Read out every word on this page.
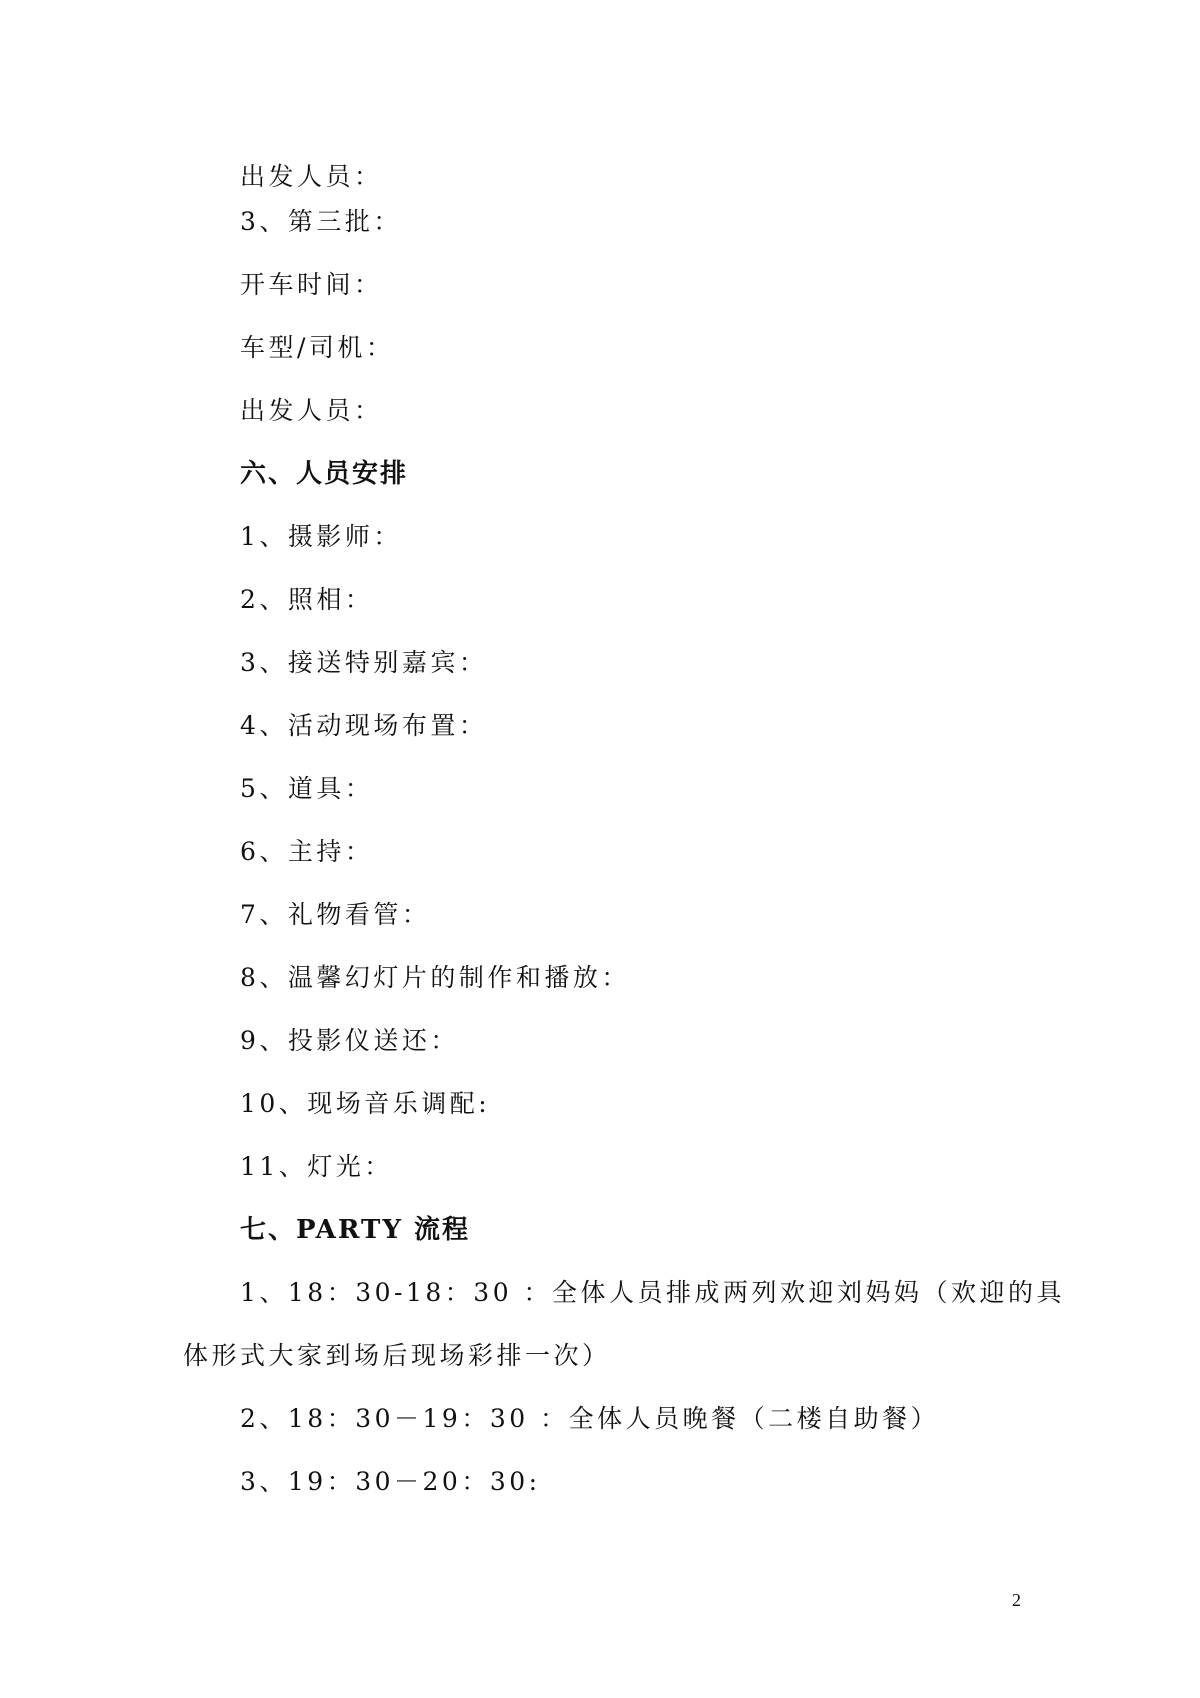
出发人员：
3、第三批：
开车时间：
车型/司机：
出发人员：
六、人员安排
1、摄影师：
2、照相：
3、接送特别嘉宾：
4、活动现场布置：
5、道具：
6、主持：
7、礼物看管：
8、温馨幻灯片的制作和播放：
9、投影仪送还：
10、现场音乐调配:
11、灯光：
七、PARTY 流程
1、18：30-18：30 ：全体人员排成两列欢迎刘妈妈（欢迎的具
体形式大家到场后现场彩排一次）
2、18：30－19：30 ：全体人员晚餐（二楼自助餐）
3、19：30－20：30:
2
